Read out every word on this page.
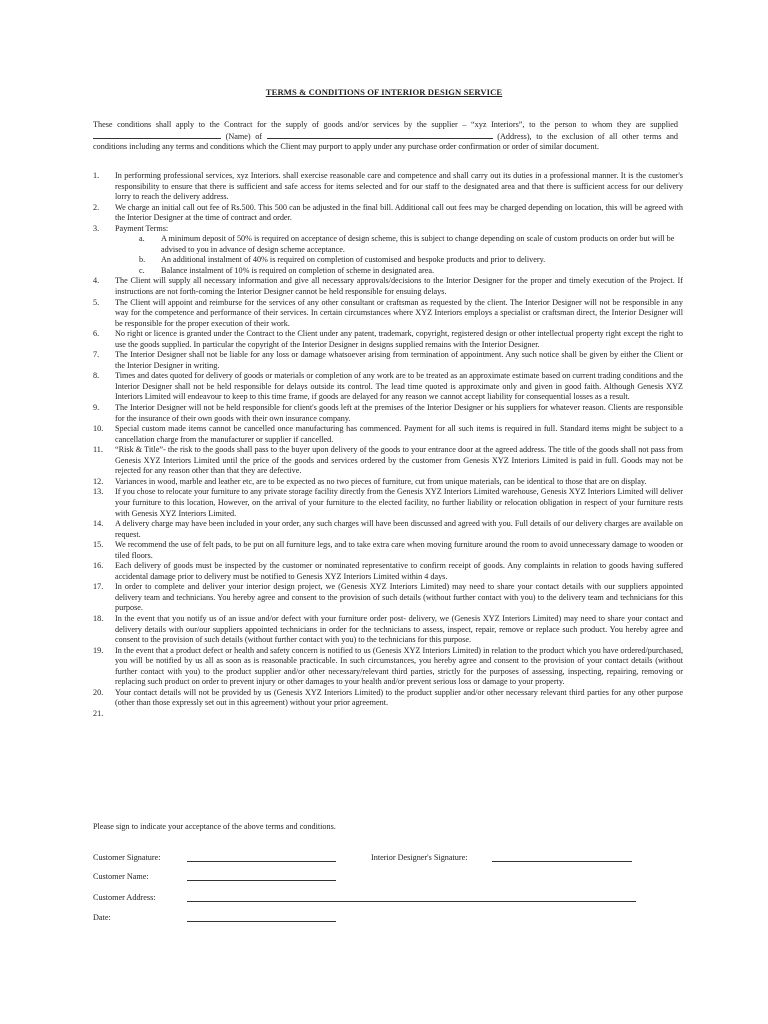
TERMS & CONDITIONS OF INTERIOR DESIGN SERVICE
These conditions shall apply to the Contract for the supply of goods and/or services by the supplier – “xyz Interiors”, to the person to whom they are supplied  (Name) of	(Address), to the exclusion of all other terms and conditions including any terms and conditions which the Client may purport to apply under any purchase order confirmation or order of similar document.
1.	In performing professional services, xyz Interiors. shall exercise reasonable care and competence and shall carry out its duties in a professional manner. It is the customer's responsibility to ensure that there is sufficient and safe access for items selected and for our staff to the designated area and that there is sufficient access for our delivery lorry to reach the delivery address.
2.	We charge an initial call out fee of Rs.500. This 500 can be adjusted in the final bill. Additional call out fees may be charged depending on location, this will be agreed with the Interior Designer at the time of contract and order.
3.	Payment Terms:
a. A minimum deposit of 50% is required on acceptance of design scheme, this is subject to change depending on scale of custom products on order but will be advised to you in advance of design scheme acceptance.
b. An additional instalment of 40% is required on completion of customised and bespoke products and prior to delivery.
c. Balance instalment of 10% is required on completion of scheme in designated area.
4.	The Client will supply all necessary information and give all necessary approvals/decisions to the Interior Designer for the proper and timely execution of the Project. If instructions are not forth-coming the Interior Designer cannot be held responsible for ensuing delays.
5.	The Client will appoint and reimburse for the services of any other consultant or craftsman as requested by the client. The Interior Designer will not be responsible in any way for the competence and performance of their services. In certain circumstances where XYZ Interiors employs a specialist or craftsman direct, the Interior Designer will be responsible for the proper execution of their work.
6.	No right or licence is granted under the Contract to the Client under any patent, trademark, copyright, registered design or other intellectual property right except the right to use the goods supplied. In particular the copyright of the Interior Designer in designs supplied remains with the Interior Designer.
7.	The Interior Designer shall not be liable for any loss or damage whatsoever arising from termination of appointment. Any such notice shall be given by either the Client or the Interior Designer in writing.
8.	Times and dates quoted for delivery of goods or materials or completion of any work are to be treated as an approximate estimate based on current trading conditions and the Interior Designer shall not be held responsible for delays outside its control. The lead time quoted is approximate only and given in good faith. Although Genesis XYZ Interiors Limited will endeavour to keep to this time frame, if goods are delayed for any reason we cannot accept liability for consequential losses as a result.
9.	The Interior Designer will not be held responsible for client's goods left at the premises of the Interior Designer or his suppliers for whatever reason. Clients are responsible for the insurance of their own goods with their own insurance company.
10.	Special custom made items cannot be cancelled once manufacturing has commenced. Payment for all such items is required in full. Standard items might be subject to a cancellation charge from the manufacturer or supplier if cancelled.
11.	“Risk & Title”- the risk to the goods shall pass to the buyer upon delivery of the goods to your entrance door at the agreed address. The title of the goods shall not pass from Genesis XYZ Interiors Limited until the price of the goods and services ordered by the customer from Genesis XYZ Interiors Limited is paid in full. Goods may not be rejected for any reason other than that they are defective.
12.	Variances in wood, marble and leather etc, are to be expected as no two pieces of furniture, cut from unique materials, can be identical to those that are on display.
13.	If you chose to relocate your furniture to any private storage facility directly from the Genesis XYZ Interiors Limited warehouse, Genesis XYZ Interiors Limited will deliver your furniture to this location, However, on the arrival of your furniture to the elected facility, no further liability or relocation obligation in respect of your furniture rests with Genesis XYZ Interiors Limited.
14.	A delivery charge may have been included in your order, any such charges will have been discussed and agreed with you. Full details of our delivery charges are available on request.
15.	We recommend the use of felt pads, to be put on all furniture legs, and to take extra care when moving furniture around the room to avoid unnecessary damage to wooden or tiled floors.
16.	Each delivery of goods must be inspected by the customer or nominated representative to confirm receipt of goods. Any complaints in relation to goods having suffered accidental damage prior to delivery must be notified to Genesis XYZ Interiors Limited within 4 days.
17.	In order to complete and deliver your interior design project, we (Genesis XYZ Interiors Limited) may need to share your contact details with our suppliers appointed delivery team and technicians. You hereby agree and consent to the provision of such details (without further contact with you) to the delivery team and technicians for this purpose.
18.	In the event that you notify us of an issue and/or defect with your furniture order post- delivery, we (Genesis XYZ Interiors Limited) may need to share your contact and delivery details with our/our suppliers appointed technicians in order for the technicians to assess, inspect, repair, remove or replace such product. You hereby agree and consent to the provision of such details (without further contact with you) to the technicians for this purpose.
19.	In the event that a product defect or health and safety concern is notified to us (Genesis XYZ Interiors Limited) in relation to the product which you have ordered/purchased, you will be notified by us all as soon as is reasonable practicable. In such circumstances, you hereby agree and consent to the provision of your contact details (without further contact with you) to the product supplier and/or other necessary/relevant third parties, strictly for the purposes of assessing, inspecting, repairing, removing or replacing such product on order to prevent injury or other damages to your health and/or prevent serious loss or damage to your property.
20.	Your contact details will not be provided by us (Genesis XYZ Interiors Limited) to the product supplier and/or other necessary relevant third parties for any other purpose (other than those expressly set out in this agreement) without your prior agreement.
21.

Please sign to indicate your acceptance of the above terms and conditions.
Customer Signature:	Interior Designer's Signature:
Customer Name:
Customer Address:
Date:
